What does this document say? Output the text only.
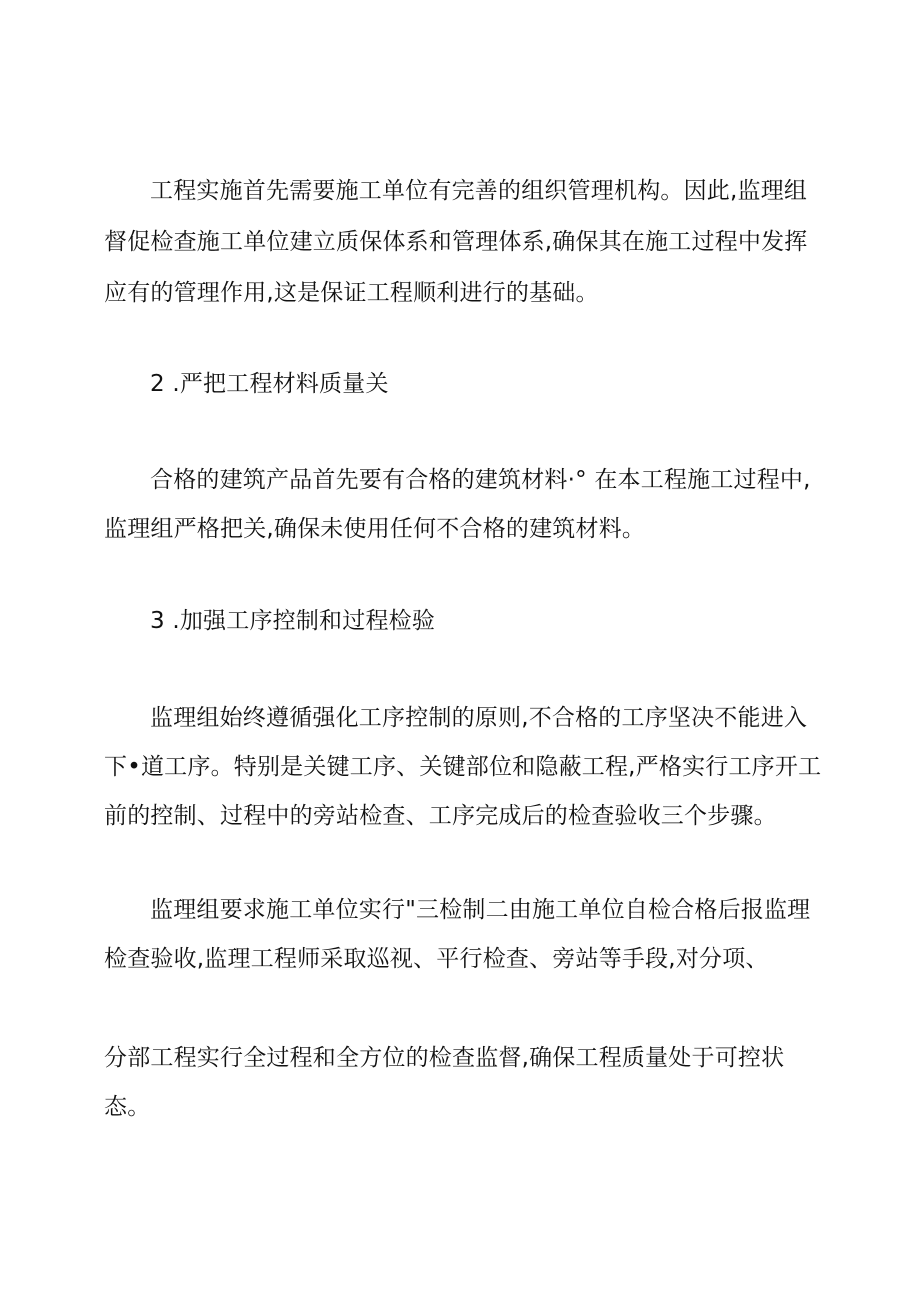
工程实施首先需要施工单位有完善的组织管理机构。因此,监理组
督促检查施工单位建立质保体系和管理体系,确保其在施工过程中发挥
应有的管理作用,这是保证工程顺利进行的基础。
2 .严把工程材料质量关
合格的建筑产品首先要有合格的建筑材料·° 在本工程施工过程中,
监理组严格把关,确保未使用任何不合格的建筑材料。
3 .加强工序控制和过程检验
监理组始终遵循强化工序控制的原则,不合格的工序坚决不能进入
下•道工序。特别是关键工序、关键部位和隐蔽工程,严格实行工序开工
前的控制、过程中的旁站检查、工序完成后的检查验收三个步骤。
监理组要求施工单位实行"三检制二由施工单位自检合格后报监理
检查验收,监理工程师采取巡视、平行检查、旁站等手段,对分项、
分部工程实行全过程和全方位的检查监督,确保工程质量处于可控状
态。
